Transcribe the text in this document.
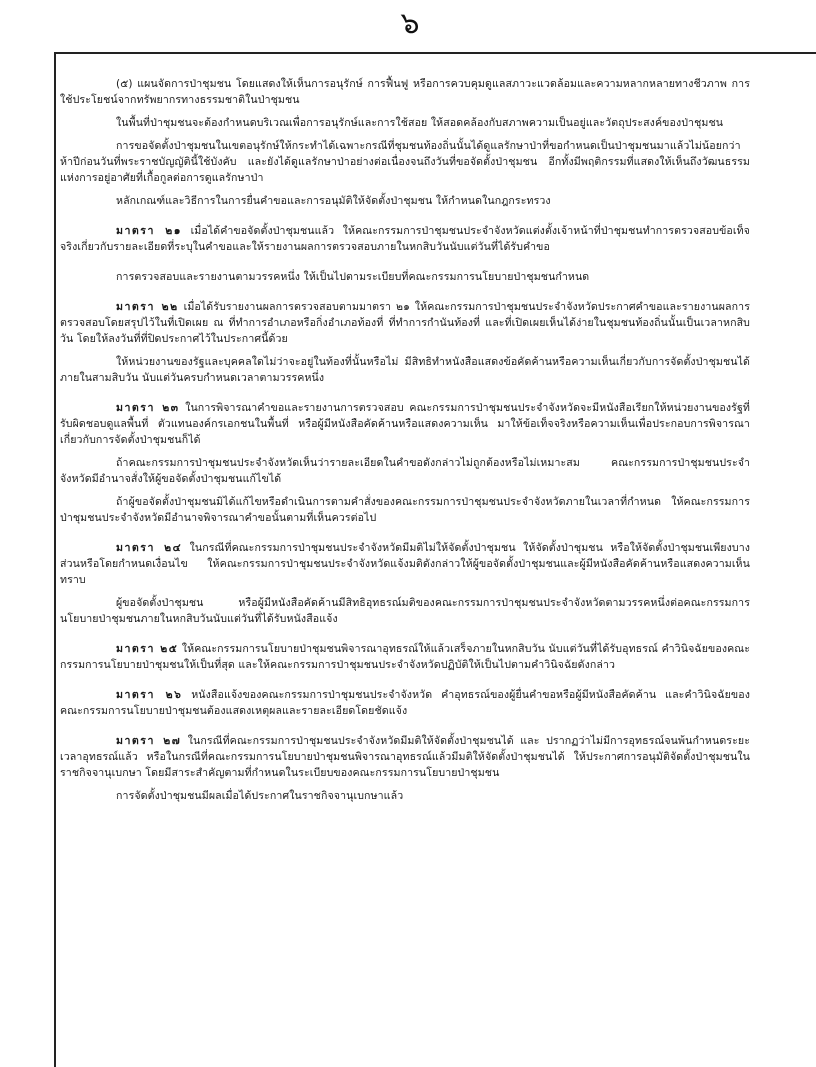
๖

(๕) แผนจัดการป่าชุมชน โดยแสดงให้เห็นการอนุรักษ์ การฟื้นฟู หรือการควบคุมดูแลสภาวะแวดล้อมและความหลากหลายทางชีวภาพ การใช้ประโยชน์จากทรัพยากรทางธรรมชาติในป่าชุมชน

ในพื้นที่ป่าชุมชนจะต้องกำหนดบริเวณเพื่อการอนุรักษ์และการใช้สอย ให้สอดคล้องกับสภาพความเป็นอยู่และวัตถุประสงค์ของป่าชุมชน

การขอจัดตั้งป่าชุมชนในเขตอนุรักษ์ให้กระทำได้เฉพาะกรณีที่ชุมชนท้องถิ่นนั้นได้ดูแลรักษาป่าที่ขอกำหนดเป็นป่าชุมชนมาแล้วไม่น้อยกว่าห้าปีก่อนวันที่พระราชบัญญัตินี้ใช้บังคับ และยังได้ดูแลรักษาป่าอย่างต่อเนื่องจนถึงวันที่ขอจัดตั้งป่าชุมชน อีกทั้งมีพฤติกรรมที่แสดงให้เห็นถึงวัฒนธรรมแห่งการอยู่อาศัยที่เกื้อกูลต่อการดูแลรักษาป่า

หลักเกณฑ์และวิธีการในการยื่นคำขอและการอนุมัติให้จัดตั้งป่าชุมชน ให้กำหนดในกฎกระทรวง

มาตรา ๒๑ เมื่อได้คำขอจัดตั้งป่าชุมชนแล้ว ให้คณะกรรมการป่าชุมชนประจำจังหวัดแต่งตั้งเจ้าหน้าที่ป่าชุมชนทำการตรวจสอบข้อเท็จจริงเกี่ยวกับรายละเอียดที่ระบุในคำขอและให้รายงานผลการตรวจสอบภายในหกสิบวันนับแต่วันที่ได้รับคำขอ

การตรวจสอบและรายงานตามวรรคหนึ่ง ให้เป็นไปตามระเบียบที่คณะกรรมการนโยบายป่าชุมชนกำหนด

มาตรา ๒๒ เมื่อได้รับรายงานผลการตรวจสอบตามมาตรา ๒๑ ให้คณะกรรมการป่าชุมชนประจำจังหวัดประกาศคำขอและรายงานผลการตรวจสอบโดยสรุปไว้ในที่เปิดเผย ณ ที่ทำการอำเภอหรือกิ่งอำเภอท้องที่ ที่ทำการกำนันท้องที่ และที่เปิดเผยเห็นได้ง่ายในชุมชนท้องถิ่นนั้นเป็นเวลาหกสิบวัน โดยให้ลงวันที่ที่ปิดประกาศไว้ในประกาศนี้ด้วย

ให้หน่วยงานของรัฐและบุคคลใดไม่ว่าจะอยู่ในท้องที่นั้นหรือไม่ มีสิทธิทำหนังสือแสดงข้อคัดค้านหรือความเห็นเกี่ยวกับการจัดตั้งป่าชุมชนได้ภายในสามสิบวัน นับแต่วันครบกำหนดเวลาตามวรรคหนึ่ง

มาตรา ๒๓ ในการพิจารณาคำขอและรายงานการตรวจสอบ คณะกรรมการป่าชุมชนประจำจังหวัดจะมีหนังสือเรียกให้หน่วยงานของรัฐที่รับผิดชอบดูแลพื้นที่ ตัวแทนองค์กรเอกชนในพื้นที่ หรือผู้มีหนังสือคัดค้านหรือแสดงความเห็น มาให้ข้อเท็จจริงหรือความเห็นเพื่อประกอบการพิจารณาเกี่ยวกับการจัดตั้งป่าชุมชนก็ได้

ถ้าคณะกรรมการป่าชุมชนประจำจังหวัดเห็นว่ารายละเอียดในคำขอดังกล่าวไม่ถูกต้องหรือไม่เหมาะสม คณะกรรมการป่าชุมชนประจำจังหวัดมีอำนาจสั่งให้ผู้ขอจัดตั้งป่าชุมชนแก้ไขได้

ถ้าผู้ขอจัดตั้งป่าชุมชนมิได้แก้ไขหรือดำเนินการตามคำสั่งของคณะกรรมการป่าชุมชนประจำจังหวัดภายในเวลาที่กำหนด ให้คณะกรรมการป่าชุมชนประจำจังหวัดมีอำนาจพิจารณาคำขอนั้นตามที่เห็นควรต่อไป

มาตรา ๒๔ ในกรณีที่คณะกรรมการป่าชุมชนประจำจังหวัดมีมติไม่ให้จัดตั้งป่าชุมชน ให้จัดตั้งป่าชุมชน หรือให้จัดตั้งป่าชุมชนเพียงบางส่วนหรือโดยกำหนดเงื่อนไข ให้คณะกรรมการป่าชุมชนประจำจังหวัดแจ้งมติดังกล่าวให้ผู้ขอจัดตั้งป่าชุมชนและผู้มีหนังสือคัดค้านหรือแสดงความเห็นทราบ

ผู้ขอจัดตั้งป่าชุมชน หรือผู้มีหนังสือคัดค้านมีสิทธิอุทธรณ์มติของคณะกรรมการป่าชุมชนประจำจังหวัดตามวรรคหนึ่งต่อคณะกรรมการนโยบายป่าชุมชนภายในหกสิบวันนับแต่วันที่ได้รับหนังสือแจ้ง

มาตรา ๒๕ ให้คณะกรรมการนโยบายป่าชุมชนพิจารณาอุทธรณ์ให้แล้วเสร็จภายในหกสิบวัน นับแต่วันที่ได้รับอุทธรณ์ คำวินิจฉัยของคณะกรรมการนโยบายป่าชุมชนให้เป็นที่สุด และให้คณะกรรมการป่าชุมชนประจำจังหวัดปฏิบัติให้เป็นไปตามคำวินิจฉัยดังกล่าว

มาตรา ๒๖ หนังสือแจ้งของคณะกรรมการป่าชุมชนประจำจังหวัด คำอุทธรณ์ของผู้ยื่นคำขอหรือผู้มีหนังสือคัดค้าน และคำวินิจฉัยของคณะกรรมการนโยบายป่าชุมชนต้องแสดงเหตุผลและรายละเอียดโดยชัดแจ้ง

มาตรา ๒๗ ในกรณีที่คณะกรรมการป่าชุมชนประจำจังหวัดมีมติให้จัดตั้งป่าชุมชนได้ และ ปรากฏว่าไม่มีการอุทธรณ์จนพ้นกำหนดระยะเวลาอุทธรณ์แล้ว หรือในกรณีที่คณะกรรมการนโยบายป่าชุมชนพิจารณาอุทธรณ์แล้วมีมติให้จัดตั้งป่าชุมชนได้ ให้ประกาศการอนุมัติจัดตั้งป่าชุมชนในราชกิจจานุเบกษา โดยมีสาระสำคัญตามที่กำหนดในระเบียบของคณะกรรมการนโยบายป่าชุมชน

การจัดตั้งป่าชุมชนมีผลเมื่อได้ประกาศในราชกิจจานุเบกษาแล้ว
